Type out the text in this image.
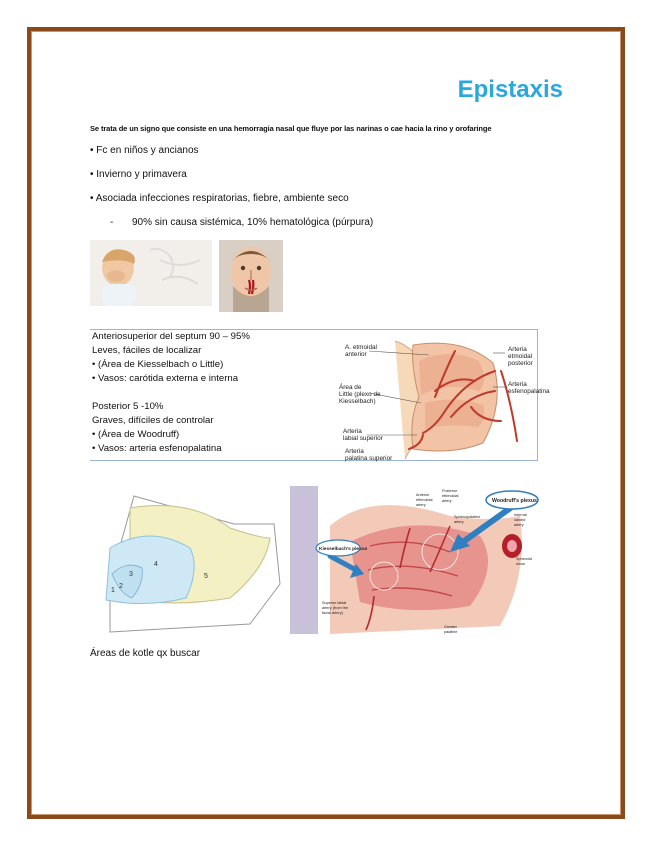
Epistaxis
Se trata de un signo que consiste en una hemorragia nasal que fluye por las narinas o cae hacia la rino y orofaringe
• Fc en niños y ancianos
• Invierno y primavera
• Asociada infecciones respiratorias, fiebre, ambiente seco
- 90% sin causa sistémica, 10% hematológica (púrpura)
Anteriosuperior del septum 90 – 95%
Leves, fáciles de localizar
• (Área de Kiesselbach o Little)
• Vasos: carótida externa e interna
Posterior 5 -10%
Graves, difíciles de controlar
• (Área de Woodruff)
• Vasos: arteria esfenopalatina
A. etmoidal
anterior
Arteria
etmoidal
posterior
Arteria
esfenopalatina
Área de
Little (plexo de
Kiesselbach)
Arteria
labial superior
Arteria
palatina superior
1
2
3
4
5
Woodruff's plexus
Kiesselbach's plexus
Anterior
ethmoidal
artery
Posterior
ethmoidal
artery
Sphenopalatine
artery
Internal
carotid
artery
Sphenoid
sinus
Superior labial
artery (from the
facial artery)
Greater
palatine
Áreas de kotle qx buscar
